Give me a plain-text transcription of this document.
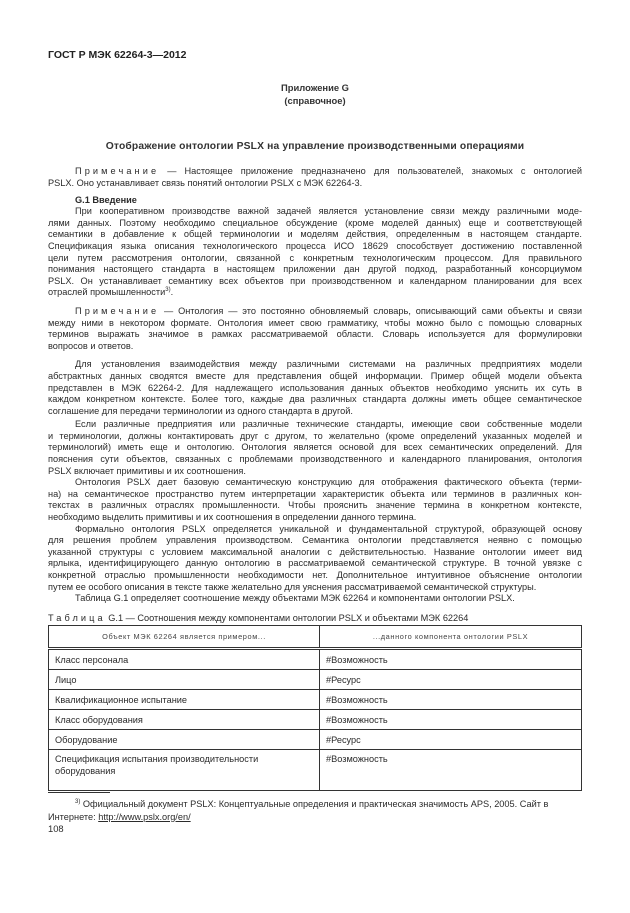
ГОСТ Р МЭК 62264-3—2012
Приложение G
(справочное)
Отображение онтологии PSLX на управление производственными операциями
Примечание — Настоящее приложение предназначено для пользователей, знакомых с онтологией
PSLX. Оно устанавливает связь понятий онтологии PSLX с МЭК 62264-3.
G.1 Введение
При кооперативном производстве важной задачей является установление связи между различными моде-
лями данных. Поэтому необходимо специальное обсуждение (кроме моделей данных) еще и соответствующей
семантики в добавление к общей терминологии и моделям действия, определенным в настоящем стандарте.
Спецификация языка описания технологического процесса ИСО 18629 способствует достижению поставленной
цели путем рассмотрения онтологии, связанной с конкретным технологическим процессом. Для правильного
понимания настоящего стандарта в настоящем приложении дан другой подход, разработанный консорциумом
PSLX. Он устанавливает семантику всех объектов при производственном и календарном планировании для всех
отраслей промышленности$^{3)}$.
Примечание — Онтология — это постоянно обновляемый словарь, описывающий сами объекты и связи
между ними в некотором формате. Онтология имеет свою грамматику, чтобы можно было с помощью словарных
терминов выражать значимое в рамках рассматриваемой области. Словарь используется для формулировки
вопросов и ответов.
Для установления взаимодействия между различными системами на различных предприятиях модели
абстрактных данных сводятся вместе для представления общей информации. Пример общей модели объекта
представлен в МЭК 62264-2. Для надлежащего использования данных объектов необходимо уяснить их суть в
каждом конкретном контексте. Более того, каждые два различных стандарта должны иметь общее семантическое
соглашение для передачи терминологии из одного стандарта в другой.
Если различные предприятия или различные технические стандарты, имеющие свои собственные модели
и терминологии, должны контактировать друг с другом, то желательно (кроме определений указанных моделей и
терминологий) иметь еще и онтологию. Онтология является основой для всех семантических определений. Для
пояснения сути объектов, связанных с проблемами производственного и календарного планирования, онтология
PSLX включает примитивы и их соотношения.
Онтология PSLX дает базовую семантическую конструкцию для отображения фактического объекта (терми-
на) на семантическое пространство путем интерпретации характеристик объекта или терминов в различных кон-
текстах в различных отраслях промышленности. Чтобы прояснить значение термина в конкретном контексте,
необходимо выделить примитивы и их соотношения в определении данного термина.
Формально онтология PSLX определяется уникальной и фундаментальной структурой, образующей основу
для решения проблем управления производством. Семантика онтологии представляется неявно с помощью
указанной структуры с условием максимальной аналогии с действительностью. Название онтологии имеет вид
ярлыка, идентифицирующего данную онтологию в рассматриваемой семантической структуре. В точной увязке с
конкретной отраслью промышленности необходимости нет. Дополнительное интуитивное объяснение онтологии
путем ее особого описания в тексте также желательно для уяснения рассматриваемой семантической структуры.
Таблица G.1 определяет соотношение между объектами МЭК 62264 и компонентами онтологии PSLX.
Таблица G.1 — Соотношения между компонентами онтологии PSLX и объектами МЭК 62264
Объект МЭК 62264 является примером...	...данного компонента онтологии PSLX
Класс персонала	#Возможность
Лицо	#Ресурс
Квалификационное испытание	#Возможность
Класс оборудования	#Возможность
Оборудование	#Ресурс
Спецификация испытания производительности оборудования	#Возможность
$^{3)}$ Официальный документ PSLX: Концептуальные определения и практическая значимость APS, 2005. Сайт в Интернете: http://www.pslx.org/en/
108
